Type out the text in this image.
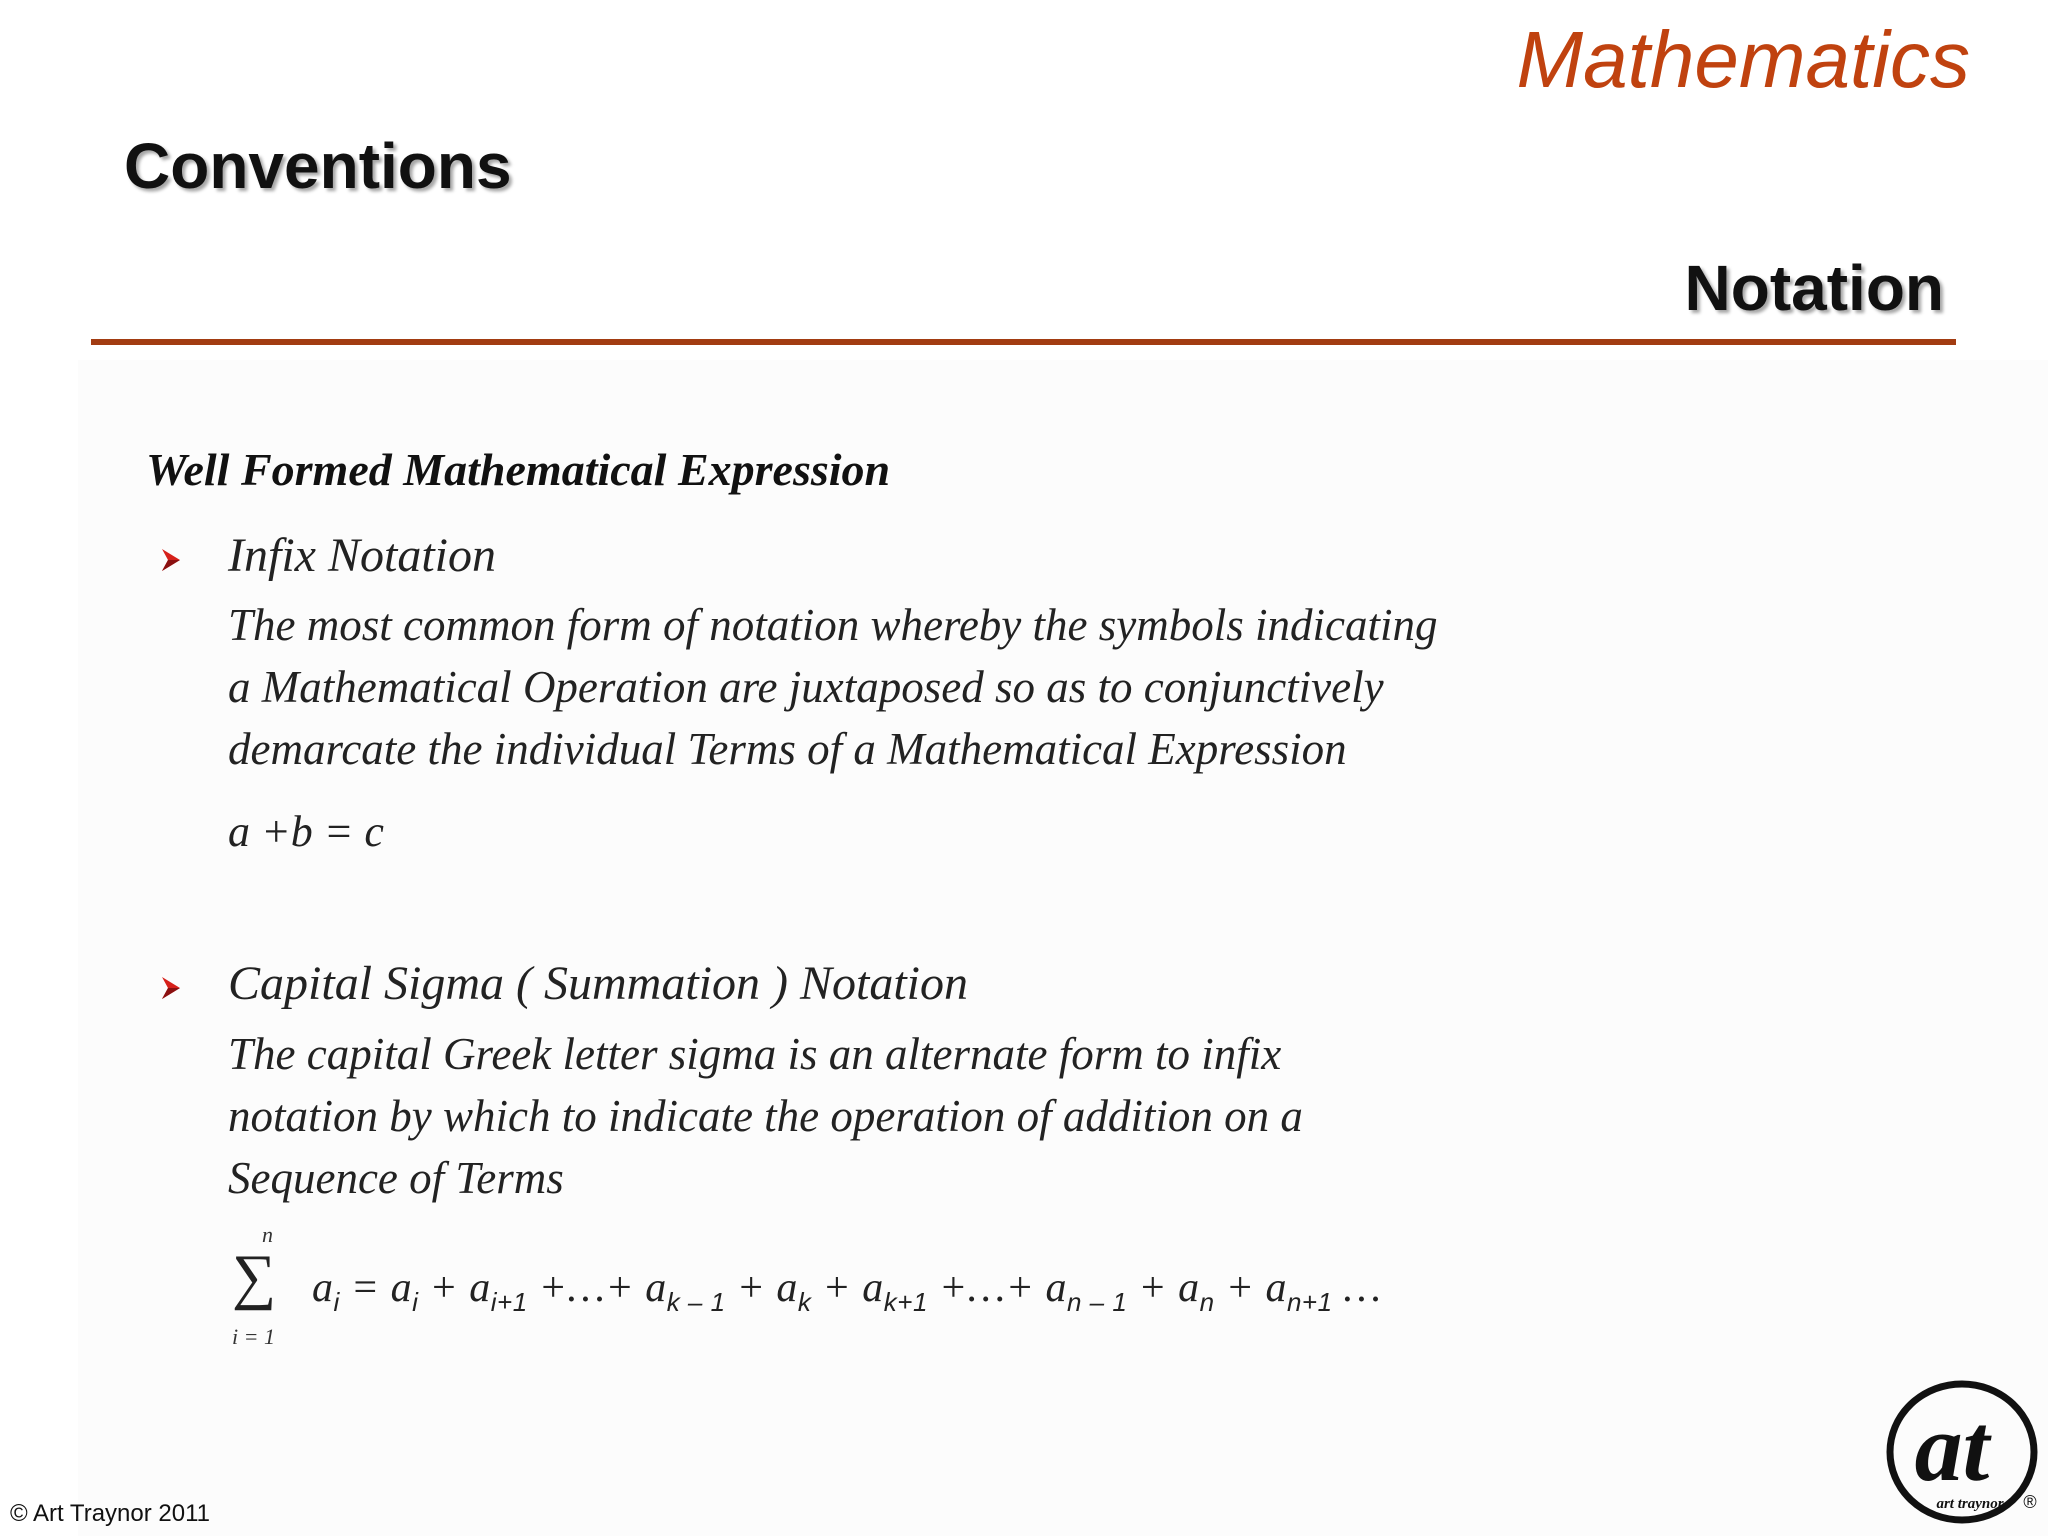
Mathematics
Conventions
Notation
Well Formed Mathematical Expression
Infix Notation
The most common form of notation whereby the symbols indicating
a Mathematical Operation are juxtaposed so as to conjunctively
demarcate the individual Terms of a Mathematical Expression
a +b = c
Capital Sigma ( Summation ) Notation
The capital Greek letter sigma is an alternate form to infix
notation by which to indicate the operation of addition on a
Sequence of Terms
n
∑
i = 1
$a_i = a_i + a_{i+1}$ +…+ $a_{k - 1} + a_k + a_{k+1}$ +…+ $a_{n - 1} + a_n + a_{n+1}$ …

© Art Traynor 2011

at
art traynor ®
